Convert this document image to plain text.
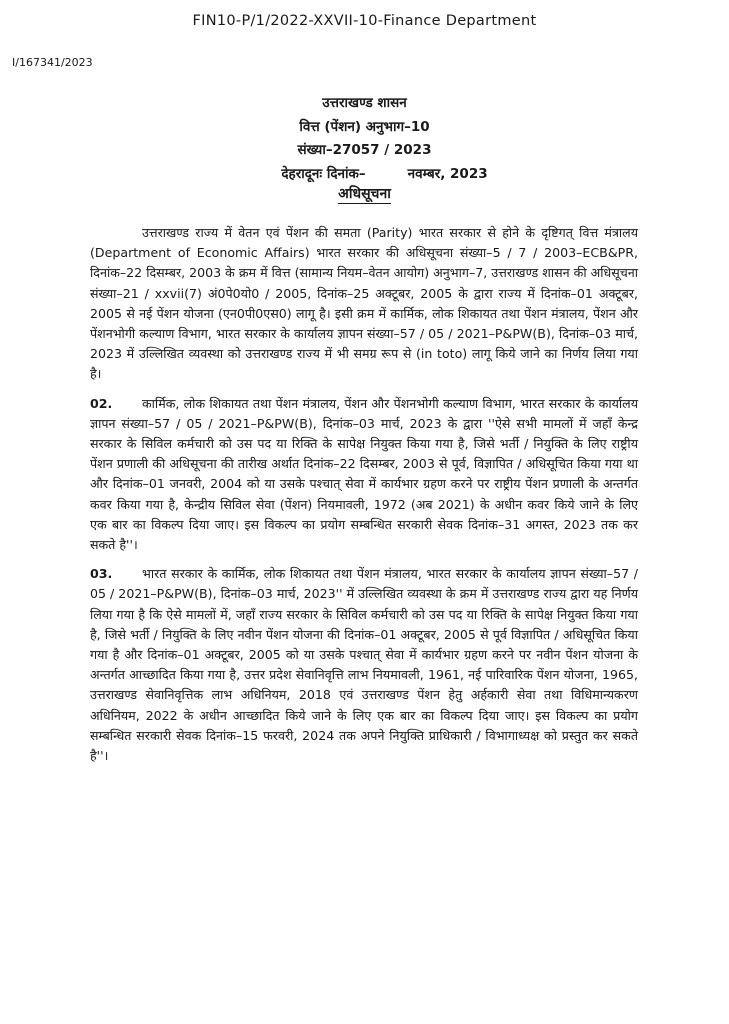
FIN10-P/1/2022-XXVII-10-Finance Department
I/167341/2023
उत्तराखण्ड शासन
वित्त (पेंशन) अनुभाग–10
संख्या–27057 / 2023
देहरादूनः दिनांक–	नवम्बर, 2023
अधिसूचना

उत्तराखण्ड राज्य में वेतन एवं पेंशन की समता (Parity) भारत सरकार से होने के दृष्टिगत् वित्त मंत्रालय (Department of Economic Affairs) भारत सरकार की अधिसूचना संख्या–5 / 7 / 2003–ECB&PR, दिनांक–22 दिसम्बर, 2003 के क्रम में वित्त (सामान्य नियम–वेतन आयोग) अनुभाग–7, उत्तराखण्ड शासन की अधिसूचना संख्या–21 / xxvii(7) अं0पे0यो0 / 2005, दिनांक–25 अक्टूबर, 2005 के द्वारा राज्य में दिनांक–01 अक्टूबर, 2005 से नई पेंशन योजना (एन0पी0एस0) लागू है। इसी क्रम में कार्मिक, लोक शिकायत तथा पेंशन मंत्रालय, पेंशन और पेंशनभोगी कल्याण विभाग, भारत सरकार के कार्यालय ज्ञापन संख्या–57 / 05 / 2021–P&PW(B), दिनांक–03 मार्च, 2023 में उल्लिखित व्यवस्था को उत्तराखण्ड राज्य में भी समग्र रूप से (in toto) लागू किये जाने का निर्णय लिया गया है।

02. कार्मिक, लोक शिकायत तथा पेंशन मंत्रालय, पेंशन और पेंशनभोगी कल्याण विभाग, भारत सरकार के कार्यालय ज्ञापन संख्या–57 / 05 / 2021–P&PW(B), दिनांक–03 मार्च, 2023 के द्वारा ''ऐसे सभी मामलों में जहाँ केन्द्र सरकार के सिविल कर्मचारी को उस पद या रिक्ति के सापेक्ष नियुक्त किया गया है, जिसे भर्ती / नियुक्ति के लिए राष्ट्रीय पेंशन प्रणाली की अधिसूचना की तारीख अर्थात दिनांक–22 दिसम्बर, 2003 से पूर्व, विज्ञापित / अधिसूचित किया गया था और दिनांक–01 जनवरी, 2004 को या उसके पश्चात् सेवा में कार्यभार ग्रहण करने पर राष्ट्रीय पेंशन प्रणाली के अन्तर्गत कवर किया गया है, केन्द्रीय सिविल सेवा (पेंशन) नियमावली, 1972 (अब 2021) के अधीन कवर किये जाने के लिए एक बार का विकल्प दिया जाए। इस विकल्प का प्रयोग सम्बन्धित सरकारी सेवक दिनांक–31 अगस्त, 2023 तक कर सकते है''।

03. भारत सरकार के कार्मिक, लोक शिकायत तथा पेंशन मंत्रालय, भारत सरकार के कार्यालय ज्ञापन संख्या–57 / 05 / 2021–P&PW(B), दिनांक–03 मार्च, 2023'' में उल्लिखित व्यवस्था के क्रम में उत्तराखण्ड राज्य द्वारा यह निर्णय लिया गया है कि ऐसे मामलों में, जहाँ राज्य सरकार के सिविल कर्मचारी को उस पद या रिक्ति के सापेक्ष नियुक्त किया गया है, जिसे भर्ती / नियुक्ति के लिए नवीन पेंशन योजना की दिनांक–01 अक्टूबर, 2005 से पूर्व विज्ञापित / अधिसूचित किया गया है और दिनांक–01 अक्टूबर, 2005 को या उसके पश्चात् सेवा में कार्यभार ग्रहण करने पर नवीन पेंशन योजना के अन्तर्गत आच्छादित किया गया है, उत्तर प्रदेश सेवानिवृत्ति लाभ नियमावली, 1961, नई पारिवारिक पेंशन योजना, 1965, उत्तराखण्ड सेवानिवृत्तिक लाभ अधिनियम, 2018 एवं उत्तराखण्ड पेंशन हेतु अर्हकारी सेवा तथा विधिमान्यकरण अधिनियम, 2022 के अधीन आच्छादित किये जाने के लिए एक बार का विकल्प दिया जाए। इस विकल्प का प्रयोग सम्बन्धित सरकारी सेवक दिनांक–15 फरवरी, 2024 तक अपने नियुक्ति प्राधिकारी / विभागाध्यक्ष को प्रस्तुत कर सकते है''।
